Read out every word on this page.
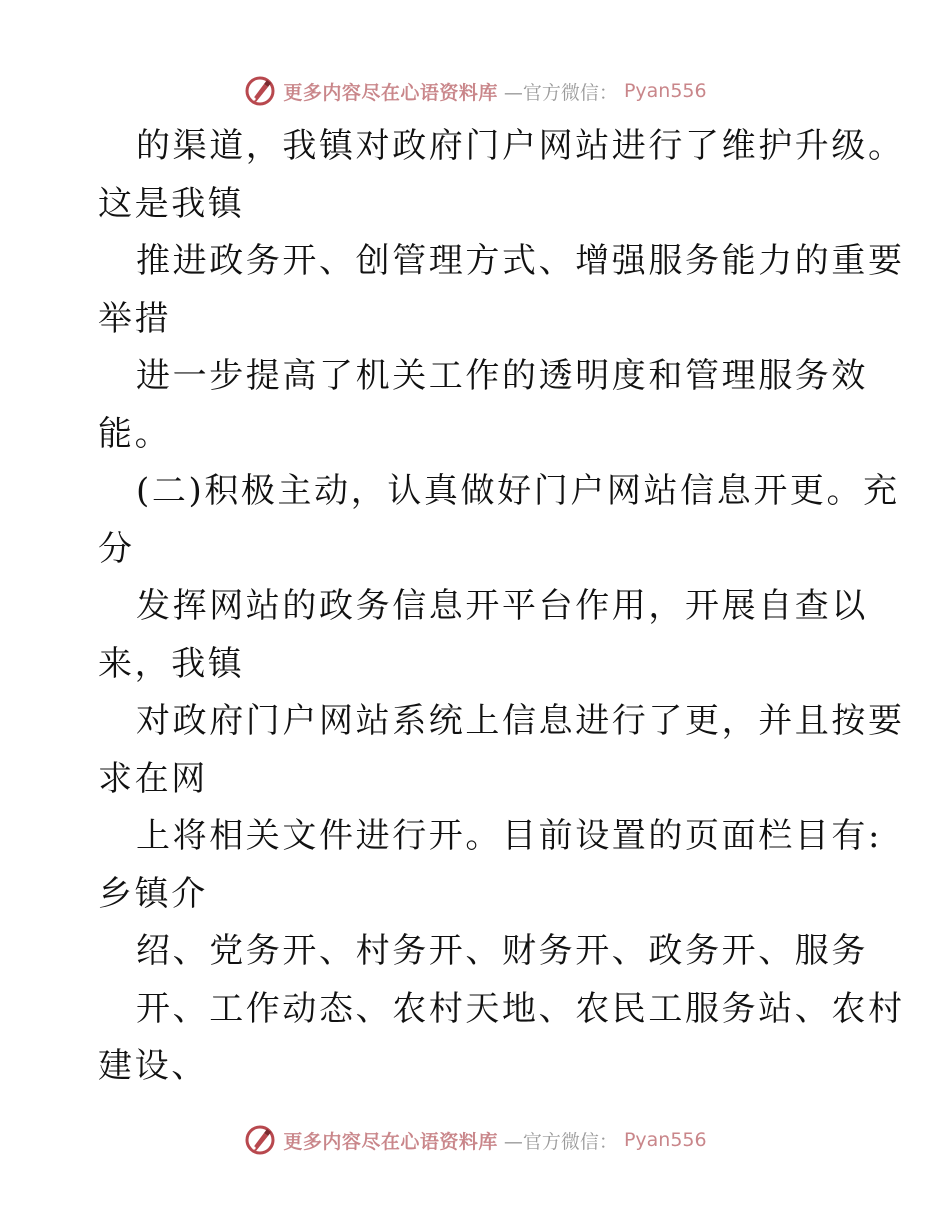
更多内容尽在心语资料库 —官方微信： Pyan556
的渠道，我镇对政府门户网站进行了维护升级。
这是我镇
推进政务开、创管理方式、增强服务能力的重要
举措
进一步提高了机关工作的透明度和管理服务效
能。
(二)积极主动，认真做好门户网站信息开更。充
分
发挥网站的政务信息开平台作用，开展自查以
来，我镇
对政府门户网站系统上信息进行了更，并且按要
求在网
上将相关文件进行开。目前设置的页面栏目有:
乡镇介
绍、党务开、村务开、财务开、政务开、服务
开、工作动态、农村天地、农民工服务站、农村
建设、
更多内容尽在心语资料库 —官方微信： Pyan556
